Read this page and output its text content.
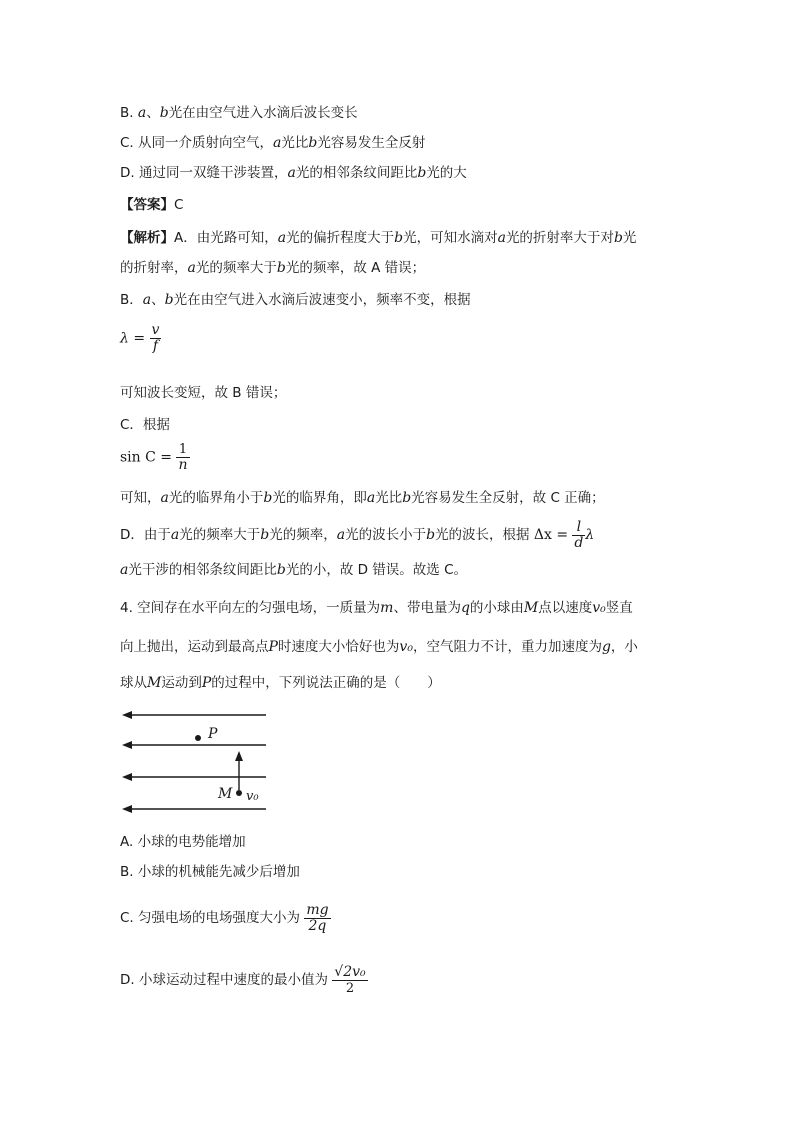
B. a、b光在由空气进入水滴后波长变长
C. 从同一介质射向空气，a光比b光容易发生全反射
D. 通过同一双缝干涉装置，a光的相邻条纹间距比b光的大
【答案】C
【解析】A．由光路可知，a光的偏折程度大于b光，可知水滴对a光的折射率大于对b光
的折射率，a光的频率大于b光的频率，故 A 错误；
B．a、b光在由空气进入水滴后波速变小，频率不变，根据
$\lambda = \frac{v}{f}$
可知波长变短，故 B 错误；
C．根据
$\sin C = \frac{1}{n}$
可知，a光的临界角小于b光的临界角，即a光比b光容易发生全反射，故 C 正确；
D．由于a光的频率大于b光的频率，a光的波长小于b光的波长，根据 $\Delta x = \frac{l}{d}$ λ
a光干涉的相邻条纹间距比b光的小，故 D 错误。故选 C。
4. 空间存在水平向左的匀强电场，一质量为m、带电量为q的小球由M点以速度v₀竖直
向上抛出，运动到最高点P时速度大小恰好也为v₀，空气阻力不计，重力加速度为g，小
球从M运动到P的过程中，下列说法正确的是（　　）
P
M v₀
A. 小球的电势能增加
B. 小球的机械能先减少后增加
C. 匀强电场的电场强度大小为 $\frac{mg}{2q}$
D. 小球运动过程中速度的最小值为 $\frac{\text{√2v₀}}{2}$
